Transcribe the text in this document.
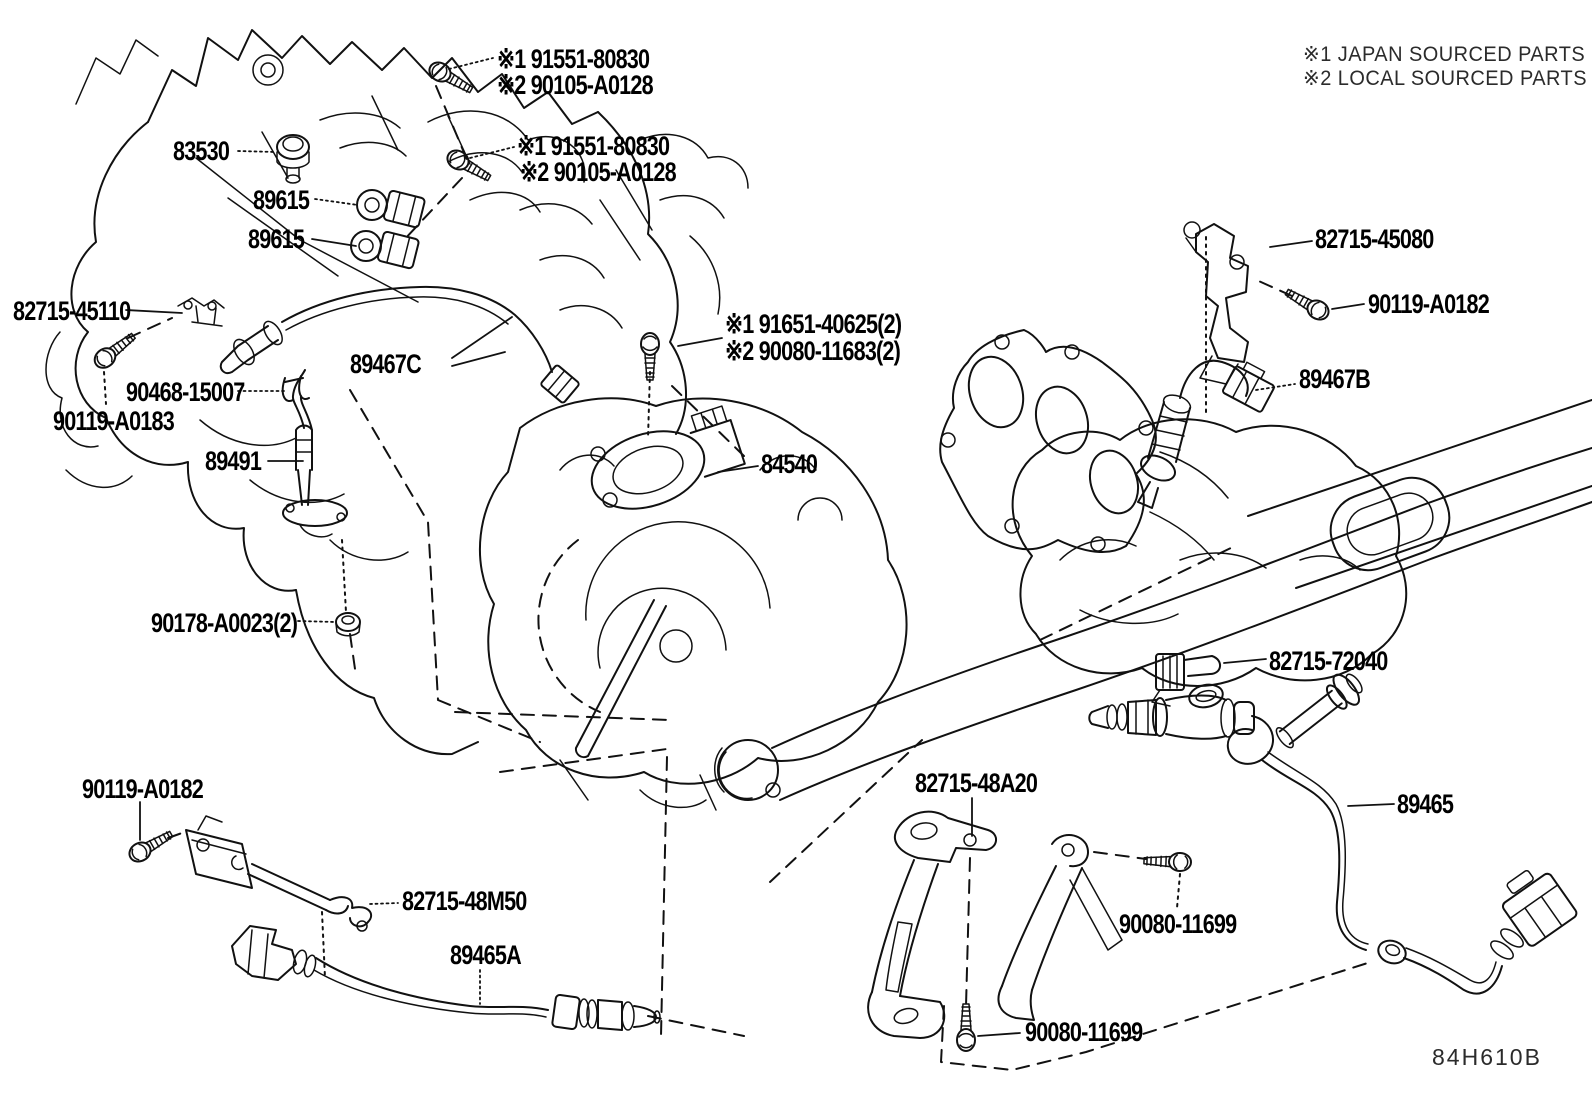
※1 91551-80830
※2 90105-A0128
※1 91551-80830
※2 90105-A0128
83530
89615
89615
82715-45110
90468-15007
90119-A0183
89491
89467C
※1 91651-40625(2)
※2 90080-11683(2)
84540
90178-A0023(2)
82715-45080
90119-A0182
89467B
82715-72040
89465
90119-A0182
82715-48M50
89465A
82715-48A20
90080-11699
90080-11699
※1 JAPAN SOURCED PARTS
※2 LOCAL SOURCED PARTS
84H610B
